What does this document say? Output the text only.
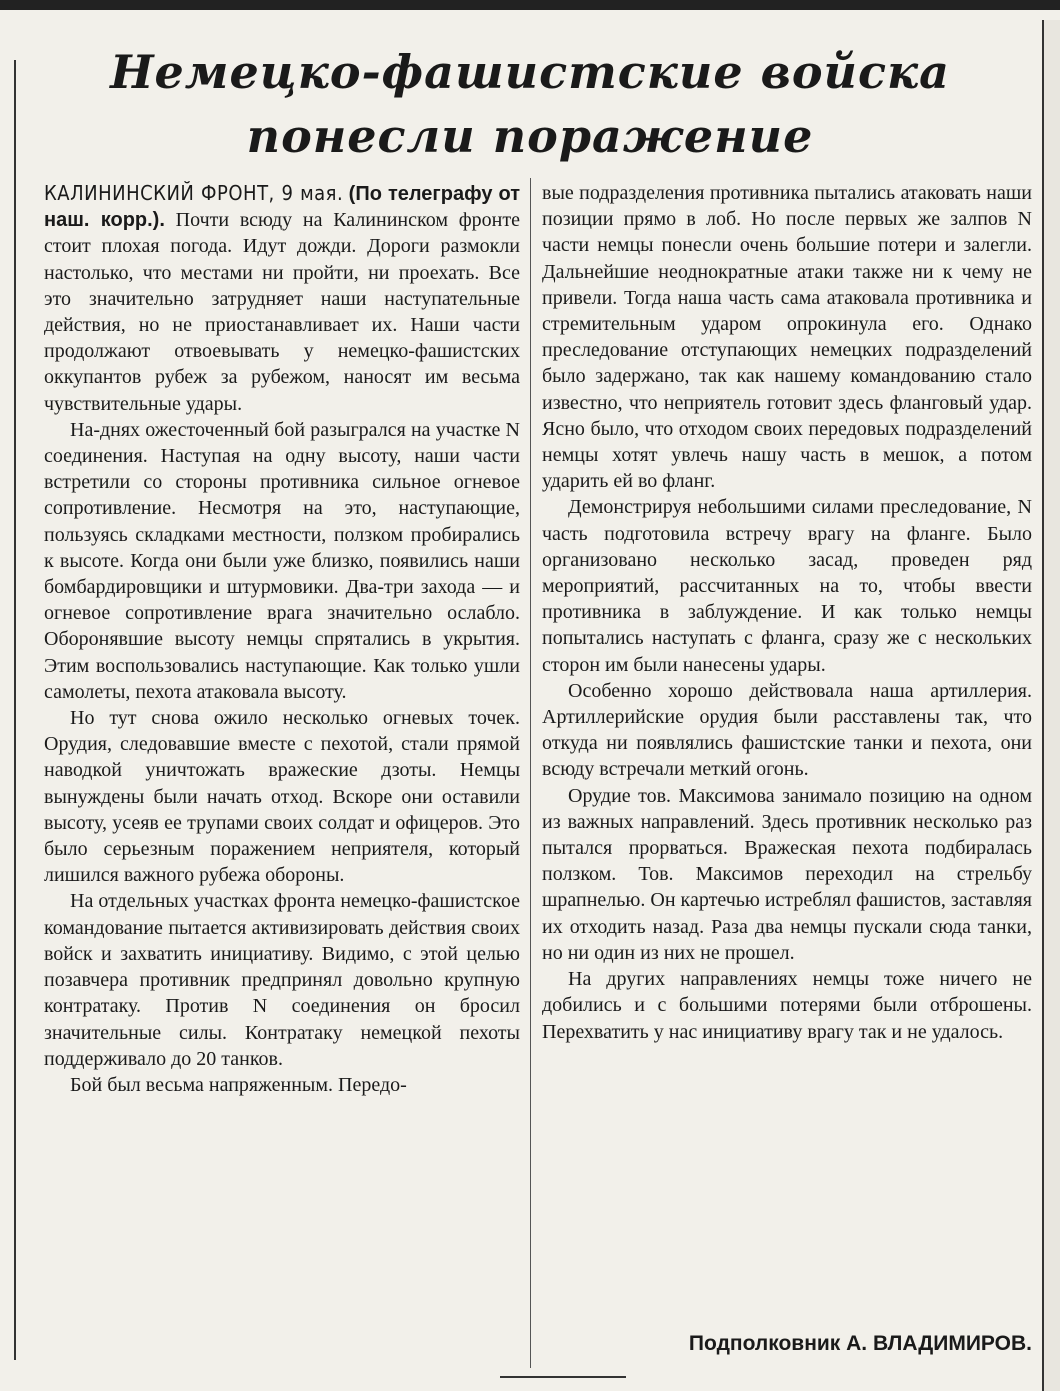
Немецко-фашистские войска
понесли поражение

КАЛИНИНСКИЙ ФРОНТ, 9 мая. (По телеграфу от наш. корр.). Почти всюду на Калининском фронте стоит плохая погода. Идут дожди. Дороги размокли настолько, что местами ни пройти, ни проехать. Все это значительно затрудняет наши наступательные действия, но не приостанавливает их. Наши части продолжают отвоевывать у немецко-фашистских оккупантов рубеж за рубежом, наносят им весьма чувствительные удары.

На-днях ожесточенный бой разыгрался на участке N соединения. Наступая на одну высоту, наши части встретили со стороны противника сильное огневое сопротивление. Несмотря на это, наступающие, пользуясь складками местности, ползком пробирались к высоте. Когда они были уже близко, появились наши бомбардировщики и штурмовики. Два-три захода — и огневое сопротивление врага значительно ослабло. Оборонявшие высоту немцы спрятались в укрытия. Этим воспользовались наступающие. Как только ушли самолеты, пехота атаковала высоту.

Но тут снова ожило несколько огневых точек. Орудия, следовавшие вместе с пехотой, стали прямой наводкой уничтожать вражеские дзоты. Немцы вынуждены были начать отход. Вскоре они оставили высоту, усеяв ее трупами своих солдат и офицеров. Это было серьезным поражением неприятеля, который лишился важного рубежа обороны.

На отдельных участках фронта немецко-фашистское командование пытается активизировать действия своих войск и захватить инициативу. Видимо, с этой целью позавчера противник предпринял довольно крупную контратаку. Против N соединения он бросил значительные силы. Контратаку немецкой пехоты поддерживало до 20 танков.

Бой был весьма напряженным. Передо-

вые подразделения противника пытались атаковать наши позиции прямо в лоб. Но после первых же залпов N части немцы понесли очень большие потери и залегли. Дальнейшие неоднократные атаки также ни к чему не привели. Тогда наша часть сама атаковала противника и стремительным ударом опрокинула его. Однако преследование отступающих немецких подразделений было задержано, так как нашему командованию стало известно, что неприятель готовит здесь фланговый удар. Ясно было, что отходом своих передовых подразделений немцы хотят увлечь нашу часть в мешок, а потом ударить ей во фланг.

Демонстрируя небольшими силами преследование, N часть подготовила встречу врагу на фланге. Было организовано несколько засад, проведен ряд мероприятий, рассчитанных на то, чтобы ввести противника в заблуждение. И как только немцы попытались наступать с фланга, сразу же с нескольких сторон им были нанесены удары.

Особенно хорошо действовала наша артиллерия. Артиллерийские орудия были расставлены так, что откуда ни появлялись фашистские танки и пехота, они всюду встречали меткий огонь.

Орудие тов. Максимова занимало позицию на одном из важных направлений. Здесь противник несколько раз пытался прорваться. Вражеская пехота подбиралась ползком. Тов. Максимов переходил на стрельбу шрапнелью. Он картечью истреблял фашистов, заставляя их отходить назад. Раза два немцы пускали сюда танки, но ни один из них не прошел.

На других направлениях немцы тоже ничего не добились и с большими потерями были отброшены. Перехватить у нас инициативу врагу так и не удалось.

Подполковник А. ВЛАДИМИРОВ.
